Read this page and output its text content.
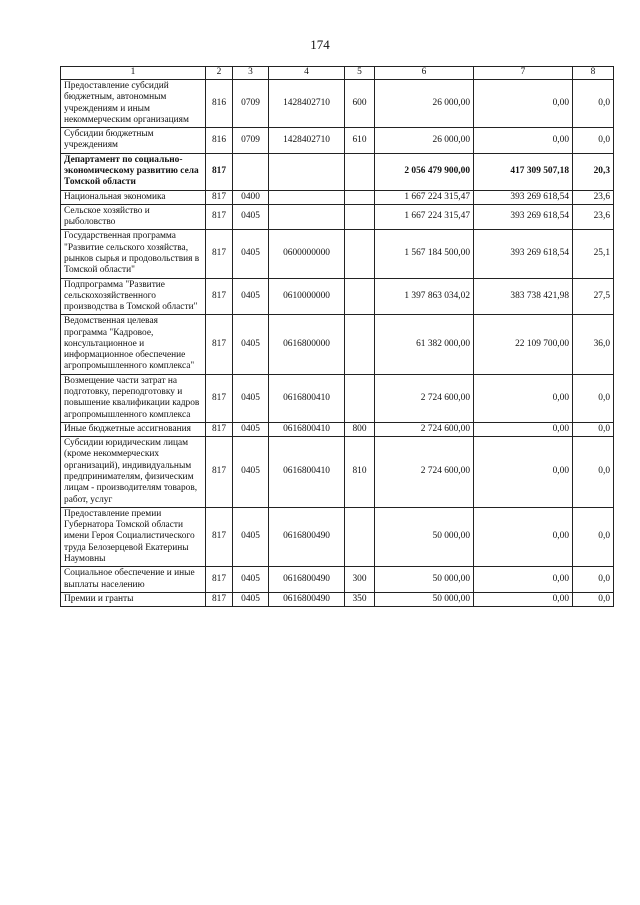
174
1	2	3	4	5	6	7	8
Предоставление субсидий бюджетным, автономным учреждениям и иным некоммерческим организациям	816	0709	1428402710	600	26 000,00	0,00	0,0
Субсидии бюджетным учреждениям	816	0709	1428402710	610	26 000,00	0,00	0,0
Департамент по социально-экономическому развитию села Томской области	817				2 056 479 900,00	417 309 507,18	20,3
Национальная экономика	817	0400			1 667 224 315,47	393 269 618,54	23,6
Сельское хозяйство и рыболовство	817	0405			1 667 224 315,47	393 269 618,54	23,6
Государственная программа "Развитие сельского хозяйства, рынков сырья и продовольствия в Томской области"	817	0405	0600000000		1 567 184 500,00	393 269 618,54	25,1
Подпрограмма "Развитие сельскохозяйственного производства в Томской области"	817	0405	0610000000		1 397 863 034,02	383 738 421,98	27,5
Ведомственная целевая программа "Кадровое, консультационное и информационное обеспечение агропромышленного комплекса"	817	0405	0616800000		61 382 000,00	22 109 700,00	36,0
Возмещение части затрат на подготовку, переподготовку и повышение квалификации кадров агропромышленного комплекса	817	0405	0616800410		2 724 600,00	0,00	0,0
Иные бюджетные ассигнования	817	0405	0616800410	800	2 724 600,00	0,00	0,0
Субсидии юридическим лицам (кроме некоммерческих организаций), индивидуальным предпринимателям, физическим лицам - производителям товаров, работ, услуг	817	0405	0616800410	810	2 724 600,00	0,00	0,0
Предоставление премии Губернатора Томской области имени Героя Социалистического труда Белозерцевой Екатерины Наумовны	817	0405	0616800490		50 000,00	0,00	0,0
Социальное обеспечение и иные выплаты населению	817	0405	0616800490	300	50 000,00	0,00	0,0
Премии и гранты	817	0405	0616800490	350	50 000,00	0,00	0,0
